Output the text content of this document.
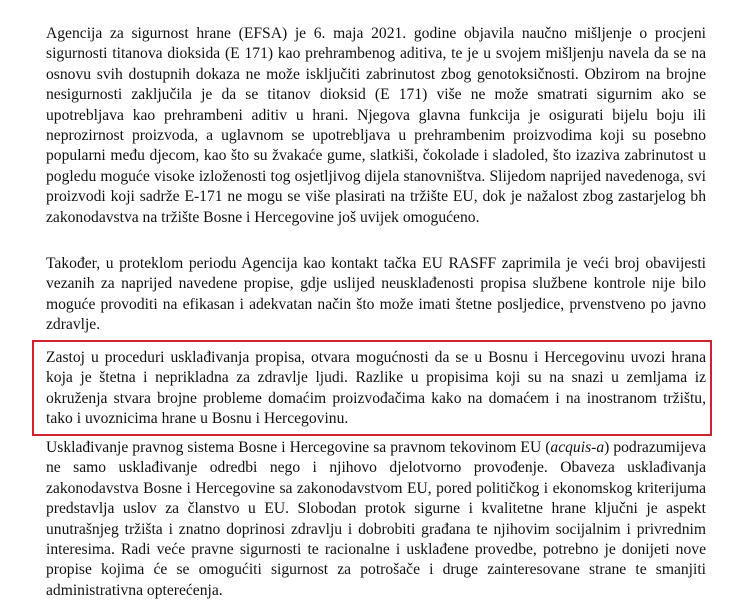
Agencija za sigurnost hrane (EFSA) je 6. maja 2021. godine objavila naučno mišljenje o procjeni sigurnosti titanova dioksida (E 171) kao prehrambenog aditiva, te je u svojem mišljenju navela da se na osnovu svih dostupnih dokaza ne može isključiti zabrinutost zbog genotoksičnosti. Obzirom na brojne nesigurnosti zaključila je da se titanov dioksid (E 171) više ne može smatrati sigurnim ako se upotrebljava kao prehrambeni aditiv u hrani. Njegova glavna funkcija je osigurati bijelu boju ili neprozirnost proizvoda, a uglavnom se upotrebljava u prehrambenim proizvodima koji su posebno popularni među djecom, kao što su žvakaće gume, slatkiši, čokolade i sladoled, što izaziva zabrinutost u pogledu moguće visoke izloženosti tog osjetljivog dijela stanovništva. Slijedom naprijed navedenoga, svi proizvodi koji sadrže E-171 ne mogu se više plasirati na tržište EU, dok je nažalost zbog zastarjelog bh zakonodavstva na tržište Bosne i Hercegovine još uvijek omogućeno.

Također, u proteklom periodu Agencija kao kontakt tačka EU RASFF zaprimila je veći broj obavijesti vezanih za naprijed navedene propise, gdje uslijed neusklađenosti propisa službene kontrole nije bilo moguće provoditi na efikasan i adekvatan način što može imati štetne posljedice, prvenstveno po javno zdravlje.

Zastoj u proceduri usklađivanja propisa, otvara mogućnosti da se u Bosnu i Hercegovinu uvozi hrana koja je štetna i neprikladna za zdravlje ljudi. Razlike u propisima koji su na snazi u zemljama iz okruženja stvara brojne probleme domaćim proizvođačima kako na domaćem i na inostranom tržištu, tako i uvoznicima hrane u Bosnu i Hercegovinu.

Usklađivanje pravnog sistema Bosne i Hercegovine sa pravnom tekovinom EU (acquis-a) podrazumijeva ne samo usklađivanje odredbi nego i njihovo djelotvorno provođenje. Obaveza usklađivanja zakonodavstva Bosne i Hercegovine sa zakonodavstvom EU, pored političkog i ekonomskog kriterijuma predstavlja uslov za članstvo u EU. Slobodan protok sigurne i kvalitetne hrane ključni je aspekt unutrašnjeg tržišta i znatno doprinosi zdravlju i dobrobiti građana te njihovim socijalnim i privrednim interesima. Radi veće pravne sigurnosti te racionalne i usklađene provedbe, potrebno je donijeti nove propise kojima će se omogućiti sigurnost za potrošače i druge zainteresovane strane te smanjiti administrativna opterećenja.
